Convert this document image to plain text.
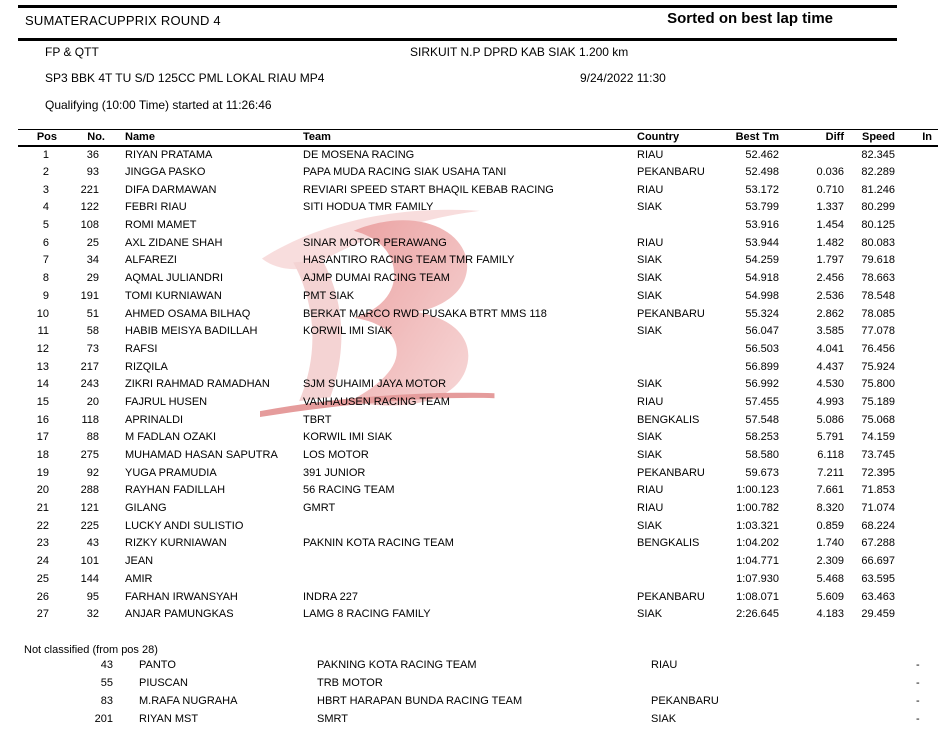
SUMATERACUPPRIX ROUND 4	Sorted on best lap time
FP & QTT	SIRKUIT N.P DPRD KAB SIAK 1.200 km
SP3 BBK 4T TU S/D 125CC PML LOKAL RIAU MP4	9/24/2022 11:30
Qualifying (10:00 Time) started at 11:26:46
Pos	No.	Name	Team	Country	Best Tm	Diff	Speed	In
1	36	RIYAN PRATAMA	DE MOSENA RACING	RIAU	52.462		82.345	
2	93	JINGGA PASKO	PAPA MUDA RACING SIAK USAHA TANI	PEKANBARU	52.498	0.036	82.289	
3	221	DIFA DARMAWAN	REVIARI SPEED START BHAQIL KEBAB RACING	RIAU	53.172	0.710	81.246	
4	122	FEBRI RIAU	SITI HODUA TMR FAMILY	SIAK	53.799	1.337	80.299	
5	108	ROMI MAMET			53.916	1.454	80.125	
6	25	AXL ZIDANE SHAH	SINAR MOTOR PERAWANG	RIAU	53.944	1.482	80.083	
7	34	ALFAREZI	HASANTIRO RACING TEAM TMR FAMILY	SIAK	54.259	1.797	79.618	
8	29	AQMAL JULIANDRI	AJMP DUMAI RACING TEAM	SIAK	54.918	2.456	78.663	
9	191	TOMI KURNIAWAN	PMT SIAK	SIAK	54.998	2.536	78.548	
10	51	AHMED OSAMA BILHAQ	BERKAT MARCO RWD PUSAKA BTRT MMS 118	PEKANBARU	55.324	2.862	78.085	
11	58	HABIB MEISYA BADILLAH	KORWIL IMI SIAK	SIAK	56.047	3.585	77.078	
12	73	RAFSI			56.503	4.041	76.456	
13	217	RIZQILA			56.899	4.437	75.924	
14	243	ZIKRI RAHMAD RAMADHAN	SJM SUHAIMI JAYA MOTOR	SIAK	56.992	4.530	75.800	
15	20	FAJRUL HUSEN	VANHAUSEN RACING TEAM	RIAU	57.455	4.993	75.189	
16	118	APRINALDI	TBRT	BENGKALIS	57.548	5.086	75.068	
17	88	M FADLAN OZAKI	KORWIL IMI SIAK	SIAK	58.253	5.791	74.159	
18	275	MUHAMAD HASAN SAPUTRA	LOS MOTOR	SIAK	58.580	6.118	73.745	
19	92	YUGA PRAMUDIA	391 JUNIOR	PEKANBARU	59.673	7.211	72.395	
20	288	RAYHAN FADILLAH	56 RACING TEAM	RIAU	1:00.123	7.661	71.853	
21	121	GILANG	GMRT	RIAU	1:00.782	8.320	71.074	
22	225	LUCKY ANDI SULISTIO		SIAK	1:03.321	0.859	68.224	
23	43	RIZKY KURNIAWAN	PAKNIN KOTA RACING TEAM	BENGKALIS	1:04.202	1.740	67.288	
24	101	JEAN			1:04.771	2.309	66.697	
25	144	AMIR			1:07.930	5.468	63.595	
26	95	FARHAN IRWANSYAH	INDRA 227	PEKANBARU	1:08.071	5.609	63.463	
27	32	ANJAR PAMUNGKAS	LAMG 8 RACING FAMILY	SIAK	2:26.645	4.183	29.459	
Not classified (from pos 28)
	43	PANTO	PAKNING KOTA RACING TEAM	RIAU				-
	55	PIUSCAN	TRB MOTOR					-
	83	M.RAFA NUGRAHA	HBRT HARAPAN BUNDA RACING TEAM	PEKANBARU				-
	201	RIYAN MST	SMRT	SIAK				-
